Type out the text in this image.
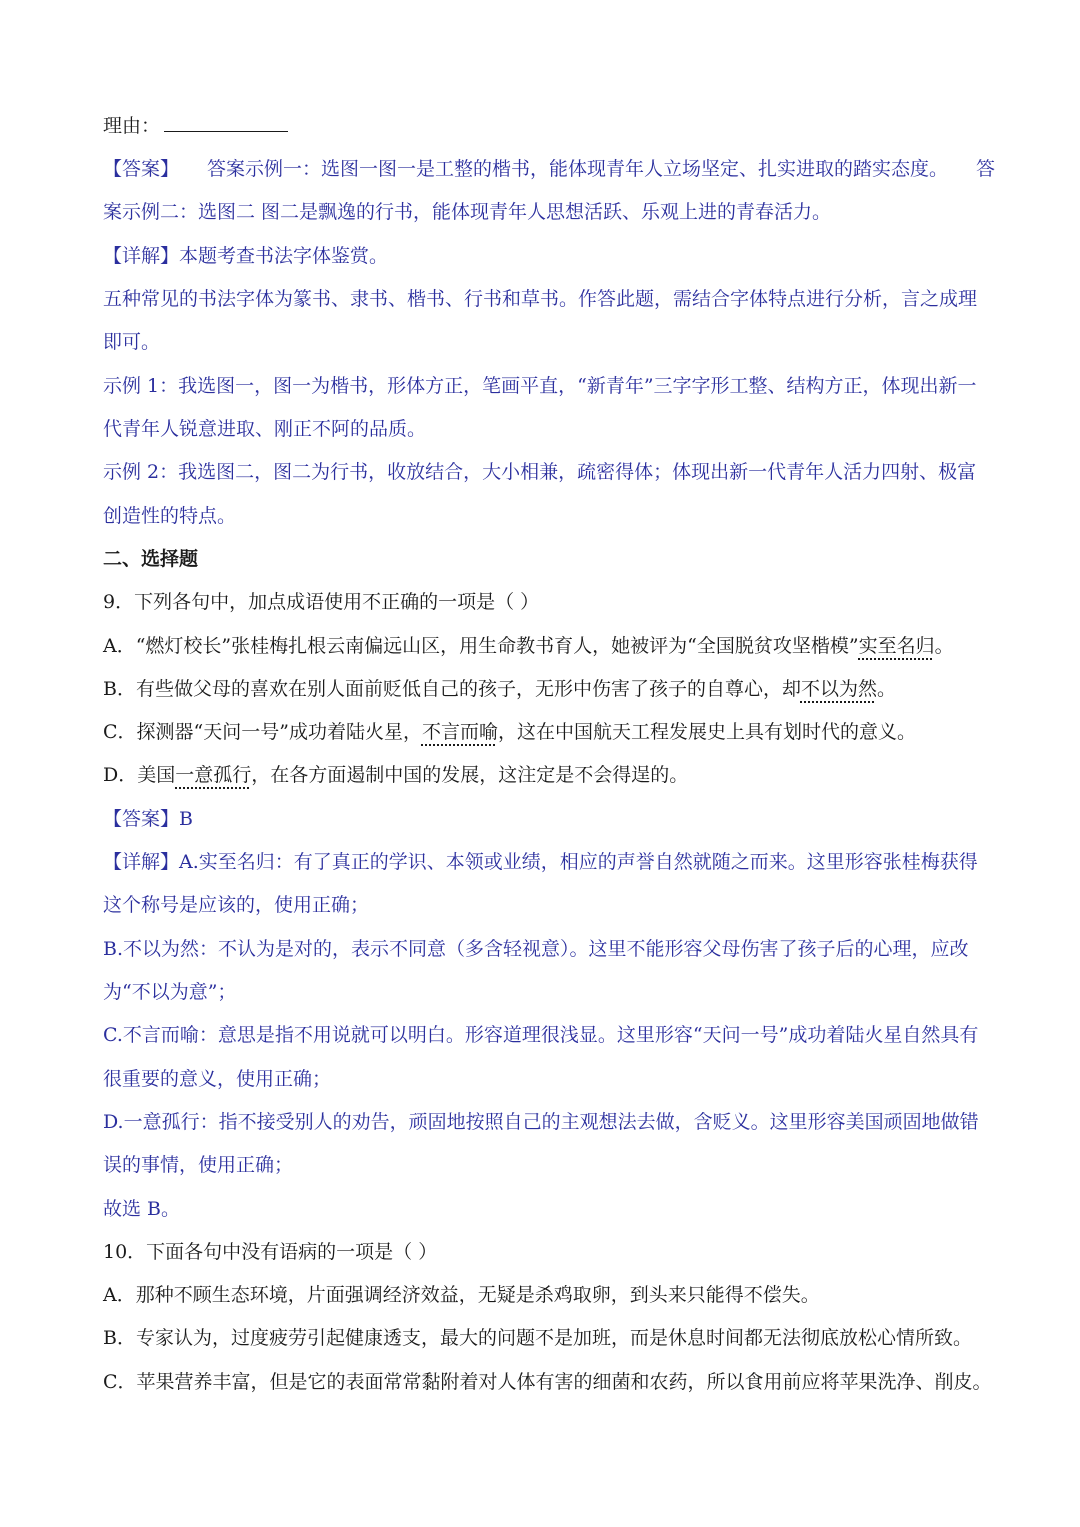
理由：
【答案】 答案示例一：选图一图一是工整的楷书，能体现青年人立场坚定、扎实进取的踏实态度。 答
案示例二：选图二 图二是飘逸的行书，能体现青年人思想活跃、乐观上进的青春活力。
【详解】本题考查书法字体鉴赏。
五种常见的书法字体为篆书、隶书、楷书、行书和草书。作答此题，需结合字体特点进行分析，言之成理
即可。
示例 1：我选图一，图一为楷书，形体方正，笔画平直，“新青年”三字字形工整、结构方正，体现出新一
代青年人锐意进取、刚正不阿的品质。
示例 2：我选图二，图二为行书，收放结合，大小相兼，疏密得体；体现出新一代青年人活力四射、极富
创造性的特点。
二、选择题
9．下列各句中，加点成语使用不正确的一项是（ ）
A．“燃灯校长”张桂梅扎根云南偏远山区，用生命教书育人，她被评为“全国脱贫攻坚楷模”实至名归。
B．有些做父母的喜欢在别人面前贬低自己的孩子，无形中伤害了孩子的自尊心，却不以为然。
C．探测器“天问一号”成功着陆火星，不言而喻，这在中国航天工程发展史上具有划时代的意义。
D．美国一意孤行，在各方面遏制中国的发展，这注定是不会得逞的。
【答案】B
【详解】A.实至名归：有了真正的学识、本领或业绩，相应的声誉自然就随之而来。这里形容张桂梅获得
这个称号是应该的，使用正确；
B.不以为然：不认为是对的，表示不同意（多含轻视意）。这里不能形容父母伤害了孩子后的心理，应改
为“不以为意”；
C.不言而喻：意思是指不用说就可以明白。形容道理很浅显。这里形容“天问一号”成功着陆火星自然具有
很重要的意义，使用正确；
D.一意孤行：指不接受别人的劝告，顽固地按照自己的主观想法去做，含贬义。这里形容美国顽固地做错
误的事情，使用正确；
故选 B。
10．下面各句中没有语病的一项是（ ）
A．那种不顾生态环境，片面强调经济效益，无疑是杀鸡取卵，到头来只能得不偿失。
B．专家认为，过度疲劳引起健康透支，最大的问题不是加班，而是休息时间都无法彻底放松心情所致。
C．苹果营养丰富，但是它的表面常常黏附着对人体有害的细菌和农药，所以食用前应将苹果洗净、削皮。
